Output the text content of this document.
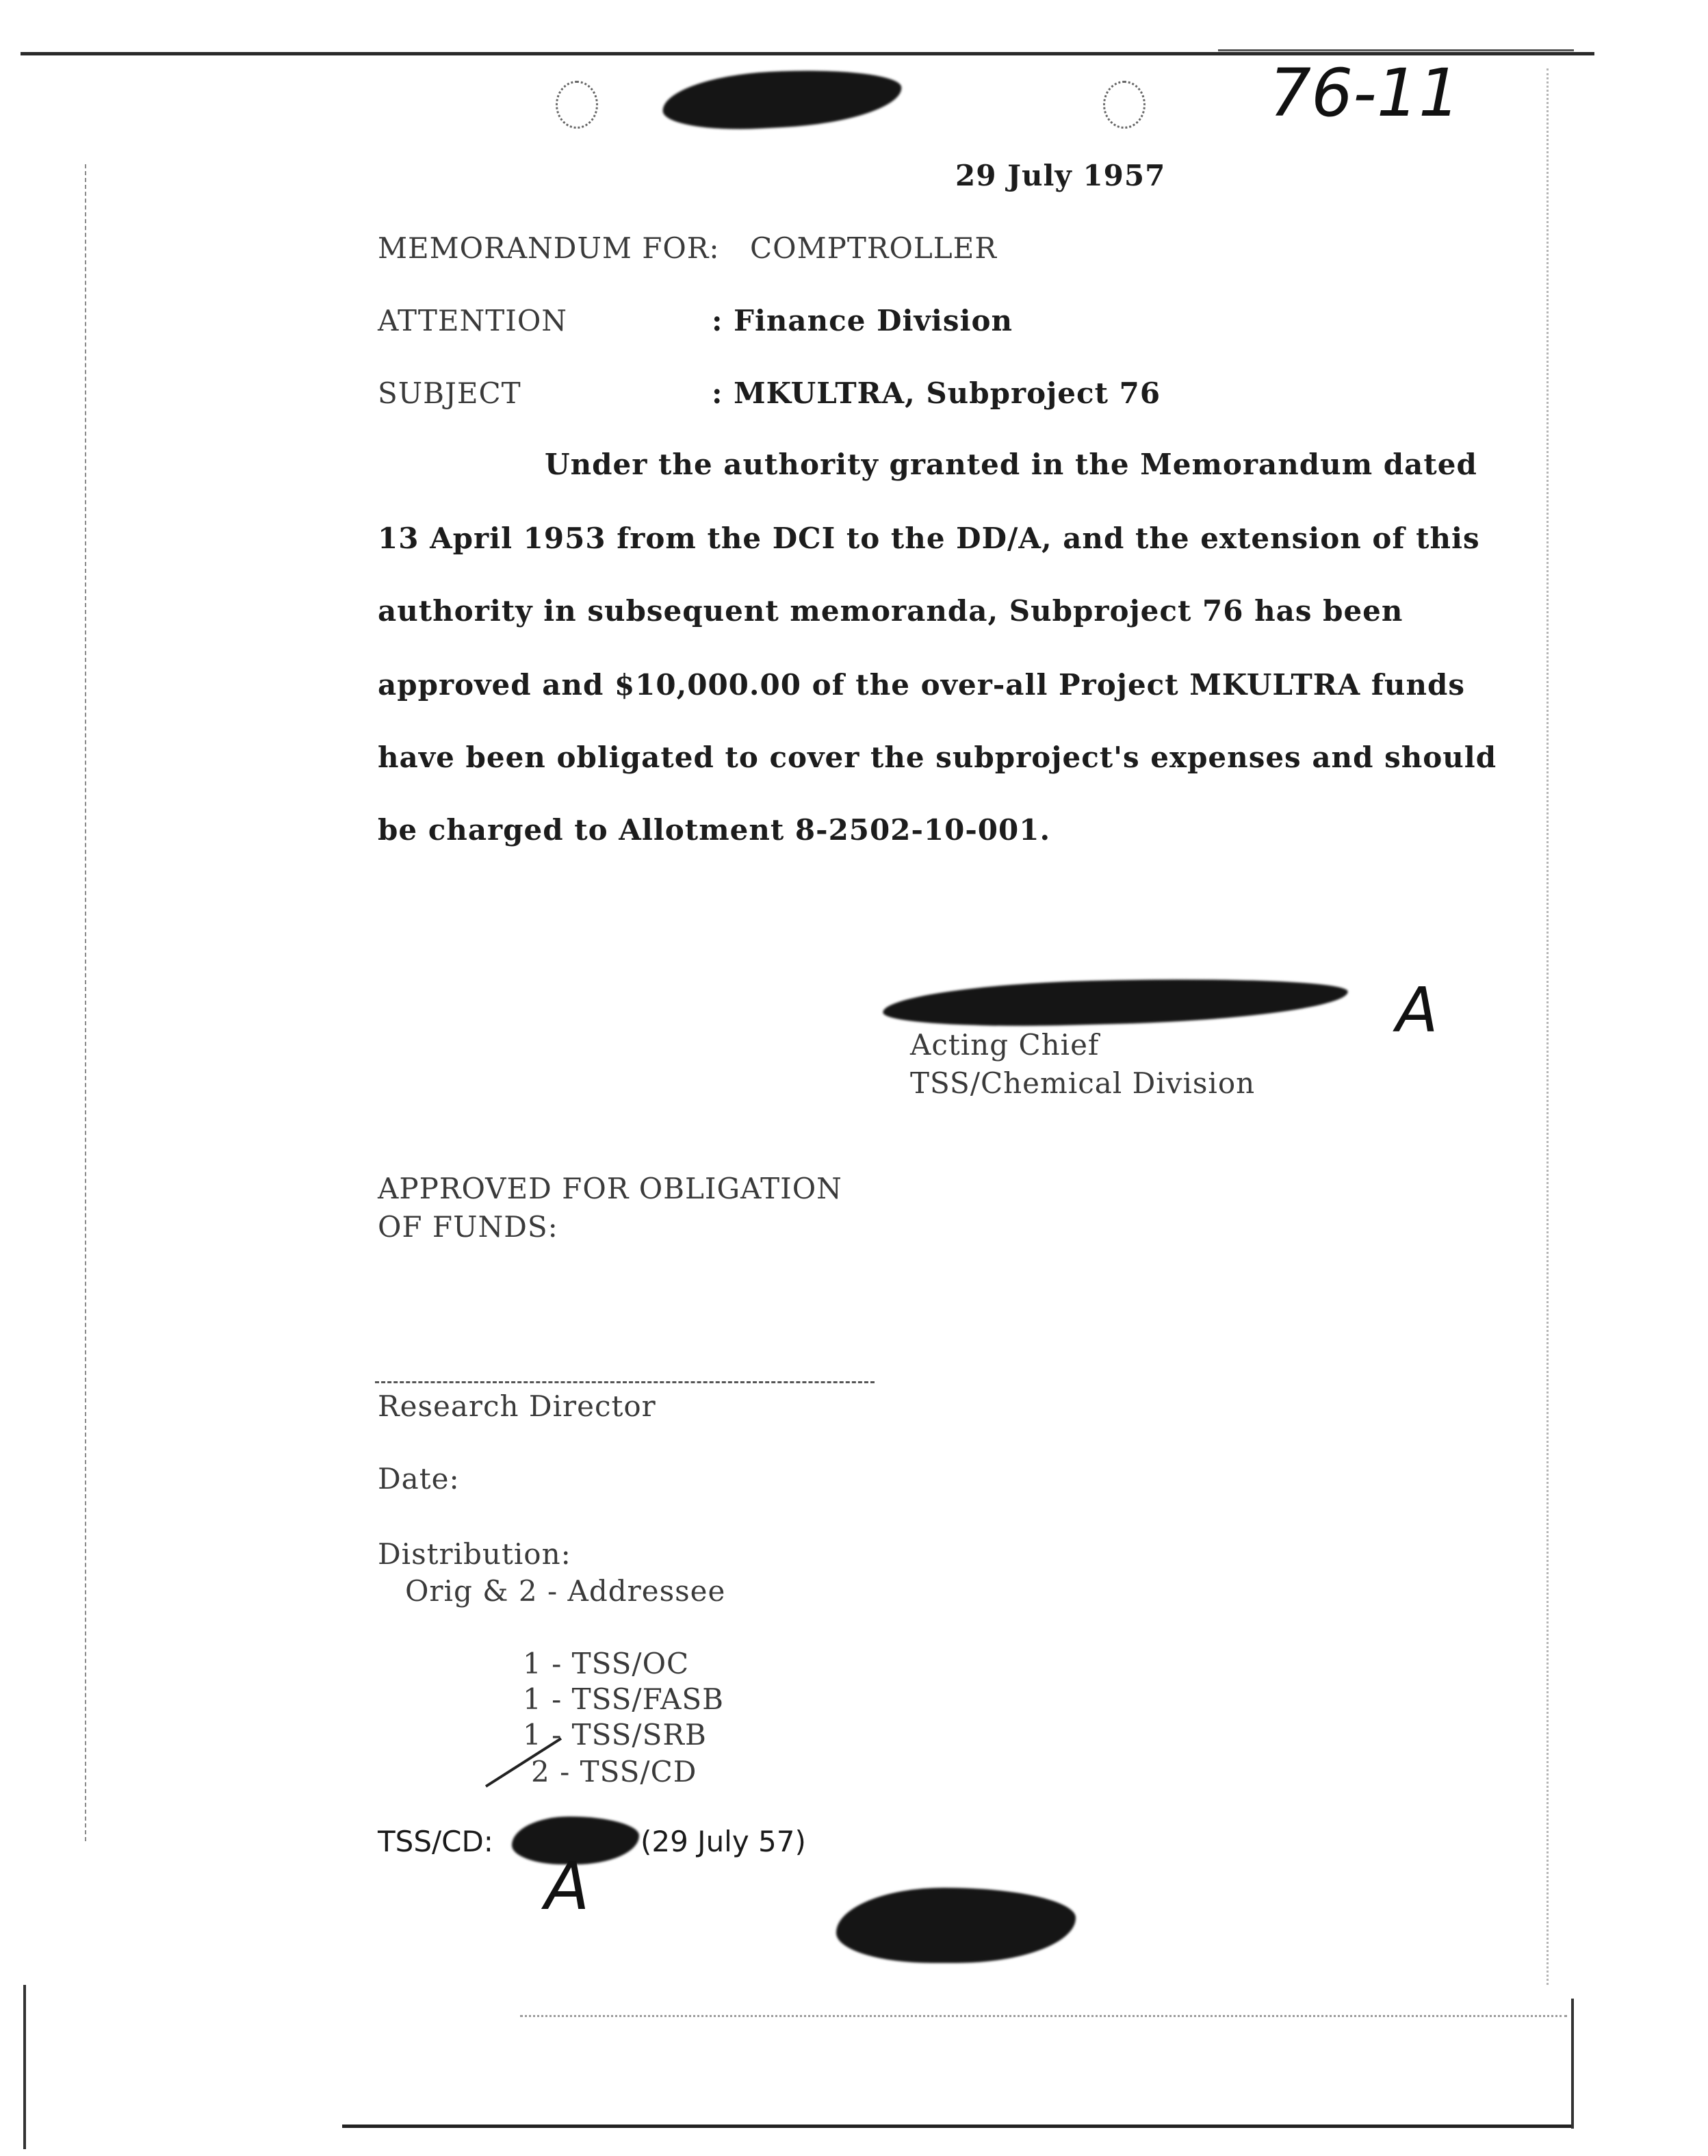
76-11
29 July 1957
MEMORANDUM FOR: COMPTROLLER
ATTENTION	: Finance Division
SUBJECT	: MKULTRA, Subproject 76
Under the authority granted in the Memorandum dated
13 April 1953 from the DCI to the DD/A, and the extension of this
authority in subsequent memoranda, Subproject 76 has been
approved and $10,000.00 of the over-all Project MKULTRA funds
have been obligated to cover the subproject's expenses and should
be charged to Allotment 8-2502-10-001.
Acting Chief
TSS/Chemical Division
A
APPROVED FOR OBLIGATION
OF FUNDS:
Research Director
Date:
Distribution:
Orig & 2 - Addressee
1 - TSS/OC
1 - TSS/FASB
1 - TSS/SRB
2 - TSS/CD
TSS/CD:	(29 July 57)
A
